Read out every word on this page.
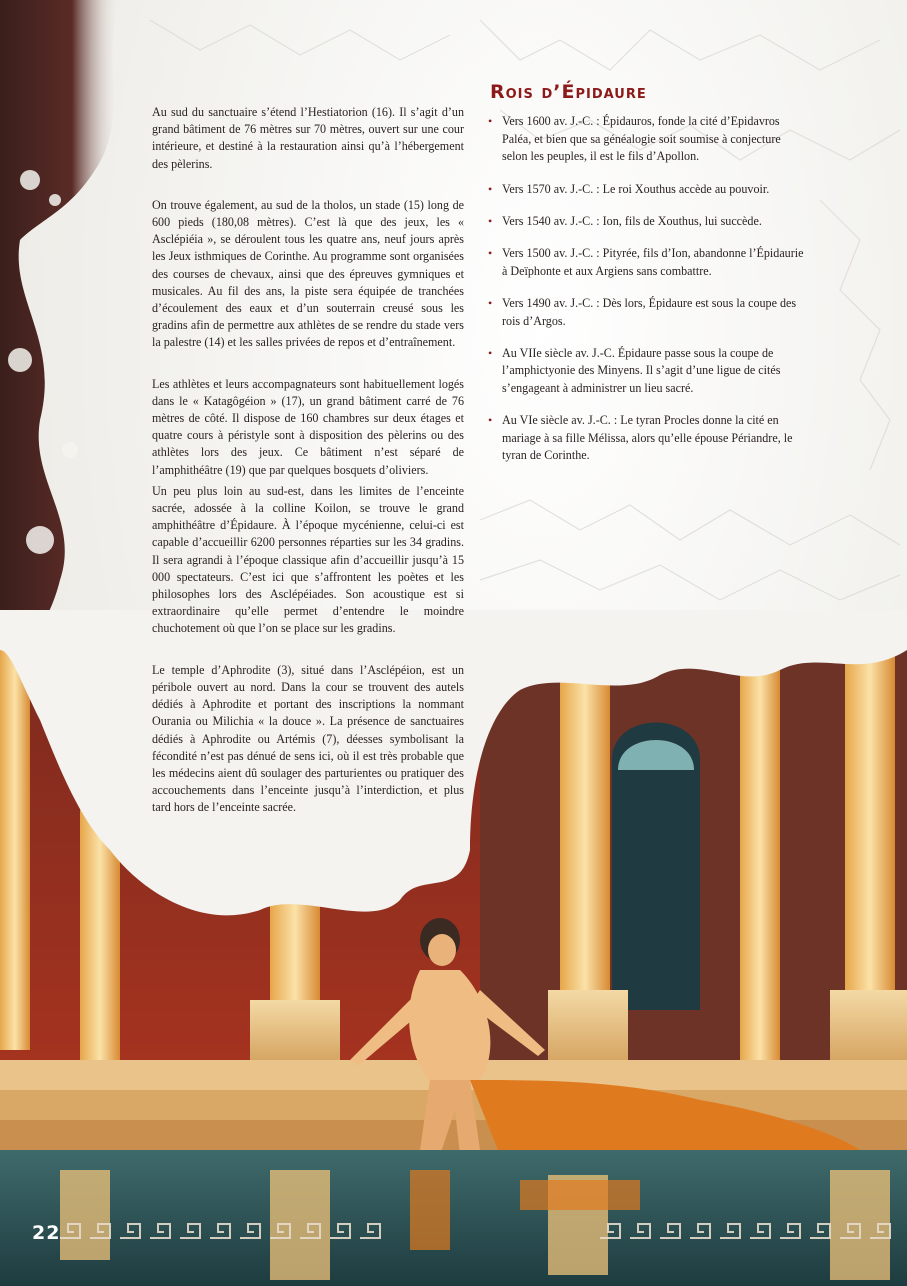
Au sud du sanctuaire s’étend l’Hestiatorion (16). Il s’agit d’un grand bâtiment de 76 mètres sur 70 mètres, ouvert sur une cour intérieure, et destiné à la restauration ainsi qu’à l’hébergement des pèlerins.

On trouve également, au sud de la tholos, un stade (15) long de 600 pieds (180,08 mètres). C’est là que des jeux, les « Asclépiéia », se déroulent tous les quatre ans, neuf jours après les Jeux isthmiques de Corinthe. Au programme sont organisées des courses de chevaux, ainsi que des épreuves gymniques et musicales. Au fil des ans, la piste sera équipée de tranchées d’écoulement des eaux et d’un souterrain creusé sous les gradins afin de permettre aux athlètes de se rendre du stade vers la palestre (14) et les salles privées de repos et d’entraînement.

Les athlètes et leurs accompagnateurs sont habituellement logés dans le « Katagôgéion » (17), un grand bâtiment carré de 76 mètres de côté. Il dispose de 160 chambres sur deux étages et quatre cours à péristyle sont à disposition des pèlerins ou des athlètes lors des jeux. Ce bâtiment n’est séparé de l’amphithéâtre (19) que par quelques bosquets d’oliviers.

Un peu plus loin au sud-est, dans les limites de l’enceinte sacrée, adossée à la colline Koilon, se trouve le grand amphithéâtre d’Épidaure. À l’époque mycénienne, celui-ci est capable d’accueillir 6200 personnes réparties sur les 34 gradins. Il sera agrandi à l’époque classique afin d’accueillir jusqu’à 15 000 spectateurs. C’est ici que s’affrontent les poètes et les philosophes lors des Asclépéiades. Son acoustique est si extraordinaire qu’elle permet d’entendre le moindre chuchotement où que l’on se place sur les gradins.

Le temple d’Aphrodite (3), situé dans l’Asclépéion, est un péribole ouvert au nord. Dans la cour se trouvent des autels dédiés à Aphrodite et portant des inscriptions la nommant Ourania ou Milichia « la douce ». La présence de sanctuaires dédiés à Aphrodite ou Artémis (7), déesses symbolisant la fécondité n’est pas dénué de sens ici, où il est très probable que les médecins aient dû soulager des parturientes ou pratiquer des accouchements dans l’enceinte jusqu’à l’interdiction, et plus tard hors de l’enceinte sacrée.

Rois d’Épidaure
• Vers 1600 av. J.-C. : Épidauros, fonde la cité d’Epidavros Paléa, et bien que sa généalogie soit soumise à conjecture selon les peuples, il est le fils d’Apollon.
• Vers 1570 av. J.-C. : Le roi Xouthus accède au pouvoir.
• Vers 1540 av. J.-C. : Ion, fils de Xouthus, lui succède.
• Vers 1500 av. J.-C. : Pityrée, fils d’Ion, abandonne l’Épidaurie à Deïphonte et aux Argiens sans combattre.
• Vers 1490 av. J.-C. : Dès lors, Épidaure est sous la coupe des rois d’Argos.
• Au VIIe siècle av. J.-C. Épidaure passe sous la coupe de l’amphictyonie des Minyens. Il s’agit d’une ligue de cités s’engageant à administrer un lieu sacré.
• Au VIe siècle av. J.-C. : Le tyran Procles donne la cité en mariage à sa fille Mélissa, alors qu’elle épouse Périandre, le tyran de Corinthe.
22
